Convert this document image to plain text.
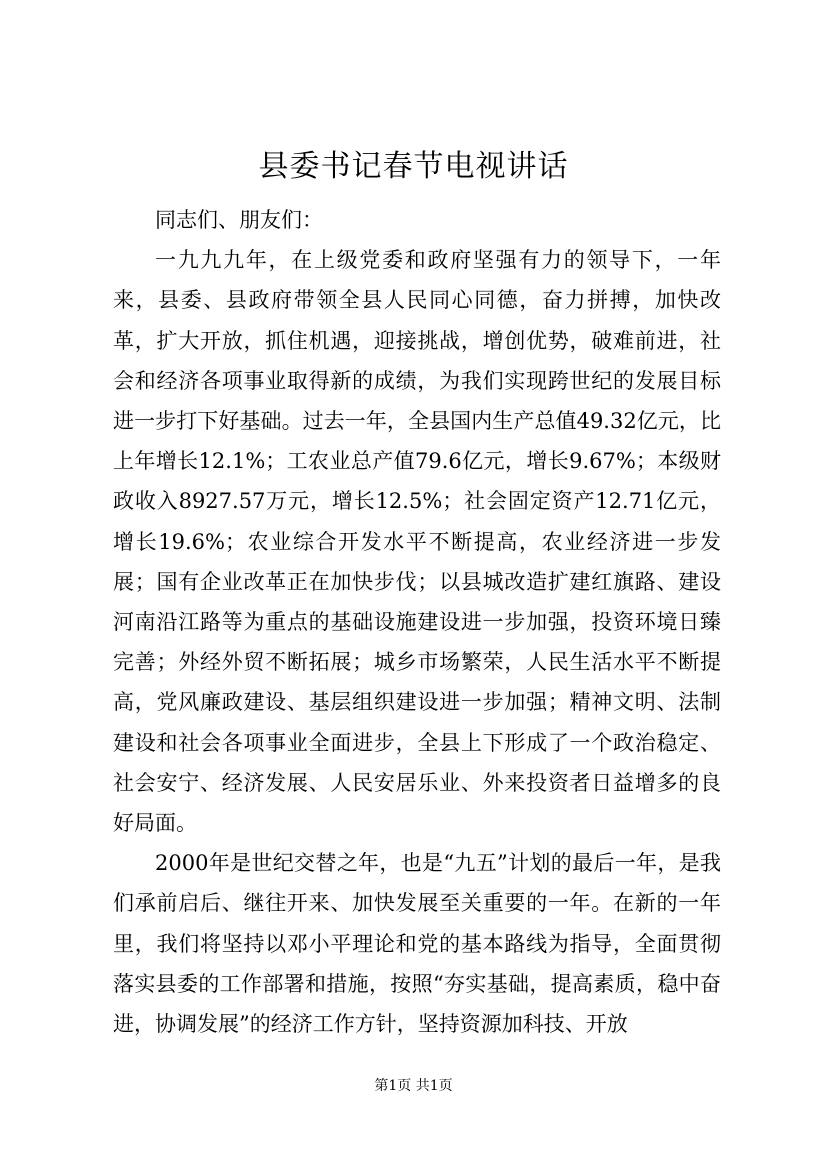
县委书记春节电视讲话

同志们、朋友们：

一九九九年，在上级党委和政府坚强有力的领导下，一年来，县委、县政府带领全县人民同心同德，奋力拼搏，加快改革，扩大开放，抓住机遇，迎接挑战，增创优势，破难前进，社会和经济各项事业取得新的成绩，为我们实现跨世纪的发展目标进一步打下好基础。过去一年，全县国内生产总值49.32亿元，比上年增长12.1%；工农业总产值79.6亿元，增长9.67%；本级财政收入8927.57万元，增长12.5%；社会固定资产12.71亿元，增长19.6%；农业综合开发水平不断提高，农业经济进一步发展；国有企业改革正在加快步伐；以县城改造扩建红旗路、建设河南沿江路等为重点的基础设施建设进一步加强，投资环境日臻完善；外经外贸不断拓展；城乡市场繁荣，人民生活水平不断提高，党风廉政建设、基层组织建设进一步加强；精神文明、法制建设和社会各项事业全面进步，全县上下形成了一个政治稳定、社会安宁、经济发展、人民安居乐业、外来投资者日益增多的良好局面。

2000年是世纪交替之年，也是“九五”计划的最后一年，是我们承前启后、继往开来、加快发展至关重要的一年。在新的一年里，我们将坚持以邓小平理论和党的基本路线为指导，全面贯彻落实县委的工作部署和措施，按照“夯实基础，提高素质，稳中奋进，协调发展”的经济工作方针，坚持资源加科技、开放

第1页 共1页
